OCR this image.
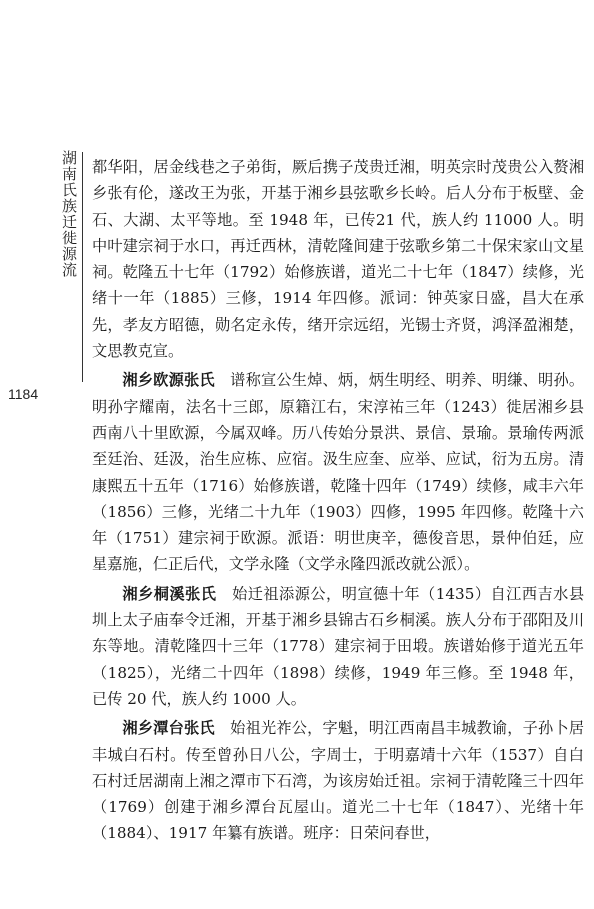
湖南氏族迁徙源流
1184

都华阳，居金线巷之子弟街，厥后携子茂贵迁湘，明英宗时茂贵公入赘湘乡张有伦，遂改王为张，开基于湘乡县弦歌乡长岭。后人分布于板壁、金石、大湖、太平等地。至 1948 年，已传21 代，族人约 11000 人。明中叶建宗祠于水口，再迁西林，清乾隆间建于弦歌乡第二十保宋家山文星祠。乾隆五十七年（1792）始修族谱，道光二十七年（1847）续修，光绪十一年（1885）三修，1914 年四修。派词：钟英家日盛，昌大在承先，孝友方昭德，勋名定永传，绪开宗远绍，光锡士齐贤，鸿泽盈湘楚，文思教克宣。

湘乡欧源张氏　 谱称宣公生焯、炳，炳生明经、明养、明缣、明孙。明孙字耀南，法名十三郎，原籍江右，宋淳祐三年（1243）徙居湘乡县西南八十里欧源，今属双峰。历八传始分景洪、景信、景瑜。景瑜传两派至廷治、廷汲，治生应栋、应宿。汲生应奎、应举、应试，衍为五房。清康熙五十五年（1716）始修族谱，乾隆十四年（1749）续修，咸丰六年（1856）三修，光绪二十九年（1903）四修，1995 年四修。乾隆十六年（1751）建宗祠于欧源。派语：明世庚辛，德俊音思，景仲伯廷，应星嘉施，仁正后代，文学永隆（文学永隆四派改就公派）。

湘乡桐溪张氏　 始迁祖添源公，明宣德十年（1435）自江西吉水县圳上太子庙奉令迁湘，开基于湘乡县锦古石乡桐溪。族人分布于邵阳及川东等地。清乾隆四十三年（1778）建宗祠于田塅。族谱始修于道光五年（1825），光绪二十四年（1898）续修，1949 年三修。至 1948 年，已传 20 代，族人约 1000 人。

湘乡潭台张氏　 始祖光祚公，字魁，明江西南昌丰城教谕，子孙卜居丰城白石村。传至曾孙日八公，字周士，于明嘉靖十六年（1537）自白石村迁居湖南上湘之潭市下石湾，为该房始迁祖。宗祠于清乾隆三十四年（1769）创建于湘乡潭台瓦屋山。道光二十七年（1847）、光绪十年（1884）、1917 年纂有族谱。班序：日荣问春世，
